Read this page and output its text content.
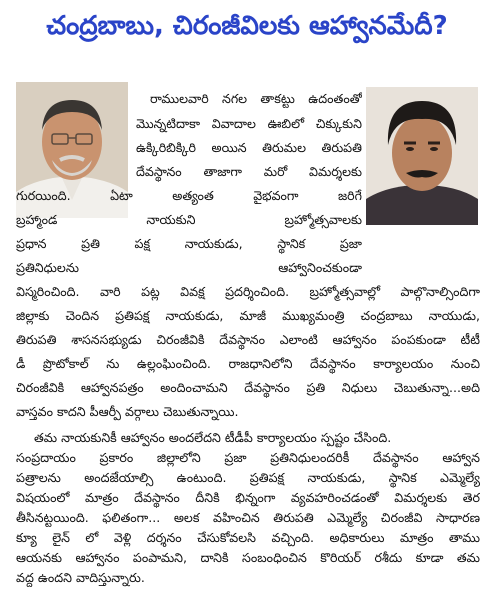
చంద్రబాబు, చిరంజీవిలకు ఆహ్వానమేదీ?
రాములవారి నగల తాకట్టు ఉదంతంతో
మొన్నటిదాకా వివాదాల ఊబిలో చిక్కుకుని
ఉక్కిరిబిక్కిరి అయిన తిరుమల తిరుపతి
దేవస్థానం తాజాగా మరో విమర్శలకు
గురయింది. ఏటా అత్యంత వైభవంగా జరిగే
బ్రహ్మాండ నాయకుని బ్రహ్మోత్సవాలకు
ప్రధాన ప్రతి పక్ష నాయకుడు, స్థానిక ప్రజా
ప్రతినిధులను ఆహ్వానించకుండా
విస్మరించింది. వారి పట్ల వివక్ష ప్రదర్శించింది. బ్రహ్మోత్సవాల్లో పాల్గొనాల్సిందిగా
జిల్లాకు చెందిన ప్రతిపక్ష నాయకుడు, మాజీ ముఖ్యమంత్రి చంద్రబాబు నాయుడు,
తిరుపతి శాసనసభ్యుడు చిరంజీవికి దేవస్థానం ఎలాంటి ఆహ్వానం పంపకుండా టీటీ
డీ ప్రొటోకాల్ ను ఉల్లంఘించింది. రాజధానిలోని దేవస్థానం కార్యాలయం నుంచి
చిరంజీవికి ఆహ్వానపత్రం అందించామని దేవస్థానం ప్రతి నిధులు చెబుతున్నా...అది
వాస్తవం కాదని పీఆర్పీ వర్గాలు చెబుతున్నాయి.
తమ నాయకునికీ ఆహ్వానం అందలేదని టీడీపీ కార్యాలయం స్పష్టం చేసింది.
సంప్రదాయం ప్రకారం జిల్లాలోని ప్రజా ప్రతినిధులందరికీ దేవస్థానం ఆహ్వాన
పత్రాలను అందజేయాల్సి ఉంటుంది. ప్రతిపక్ష నాయకుడు, స్థానిక ఎమ్మెల్యే
విషయంలో మాత్రం దేవస్థానం దీనికి భిన్నంగా వ్యవహరించడంతో విమర్శలకు తెర
తీసినట్టయింది. ఫలితంగా... అలక వహించిన తిరుపతి ఎమ్మెల్యే చిరంజీవి సాధారణ
క్యూ లైన్ లో వెళ్లి దర్శనం చేసుకోవలసి వచ్చింది. అధికారులు మాత్రం తాము
ఆయనకు ఆహ్వానం పంపామని, దానికి సంబంధించిన కొరియర్ రశీదు కూడా తమ
వద్ద ఉందని వాదిస్తున్నారు.
